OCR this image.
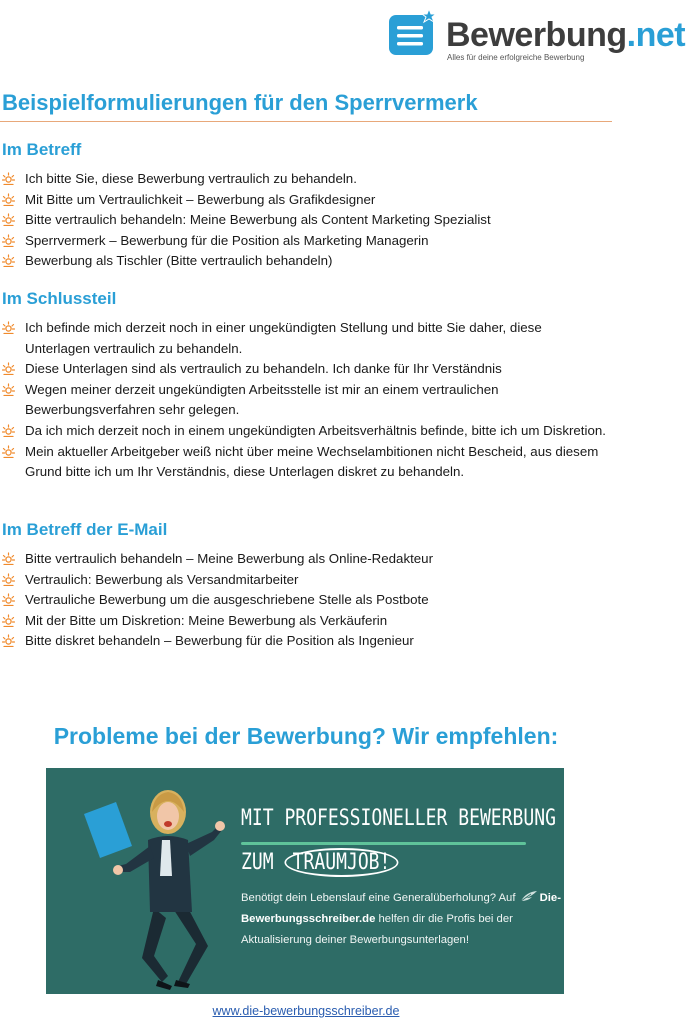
Bewerbung.net
Alles für deine erfolgreiche Bewerbung
Beispielformulierungen für den Sperrvermerk
Im Betreff
Ich bitte Sie, diese Bewerbung vertraulich zu behandeln.
Mit Bitte um Vertraulichkeit – Bewerbung als Grafikdesigner
Bitte vertraulich behandeln: Meine Bewerbung als Content Marketing Spezialist
Sperrvermerk – Bewerbung für die Position als Marketing Managerin
Bewerbung als Tischler (Bitte vertraulich behandeln)
Im Schlussteil
Ich befinde mich derzeit noch in einer ungekündigten Stellung und bitte Sie daher, diese Unterlagen vertraulich zu behandeln.
Diese Unterlagen sind als vertraulich zu behandeln. Ich danke für Ihr Verständnis
Wegen meiner derzeit ungekündigten Arbeitsstelle ist mir an einem vertraulichen Bewerbungsverfahren sehr gelegen.
Da ich mich derzeit noch in einem ungekündigten Arbeitsverhältnis befinde, bitte ich um Diskretion.
Mein aktueller Arbeitgeber weiß nicht über meine Wechselambitionen nicht Bescheid, aus diesem Grund bitte ich um Ihr Verständnis, diese Unterlagen diskret zu behandeln.
Im Betreff der E-Mail
Bitte vertraulich behandeln – Meine Bewerbung als Online-Redakteur
Vertraulich: Bewerbung als Versandmitarbeiter
Vertrauliche Bewerbung um die ausgeschriebene Stelle als Postbote
Mit der Bitte um Diskretion: Meine Bewerbung als Verkäuferin
Bitte diskret behandeln – Bewerbung für die Position als Ingenieur
Probleme bei der Bewerbung? Wir empfehlen:
MIT PROFESSIONELLER BEWERBUNG
ZUM TRAUMJOB!
Benötigt dein Lebenslauf eine Generalüberholung? Auf Die-Bewerbungsschreiber.de helfen dir die Profis bei der Aktualisierung deiner Bewerbungsunterlagen!
www.die-bewerbungsschreiber.de
